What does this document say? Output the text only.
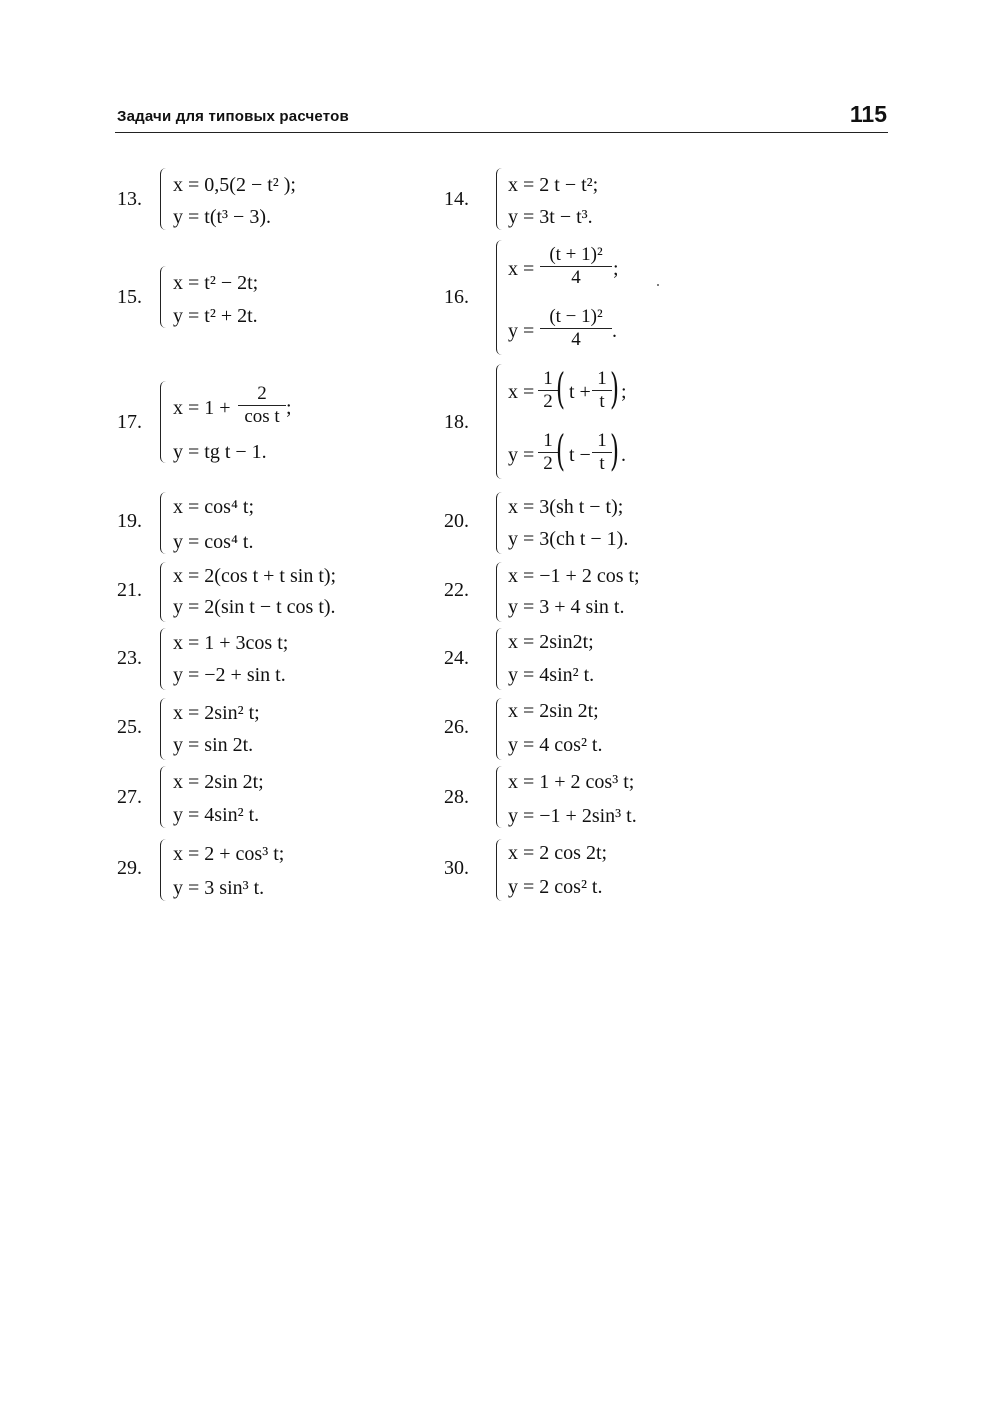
Задачи для типовых расчетов	115
13.
x = 0,5(2 − t² );
y = t(t³ − 3).
14.
x = 2 t − t²;
y = 3t − t³.
15.
x = t² − 2t;
y = t² + 2t.
16.
$x = \frac{\text{(t + 1)²}}{4}$ ;
$y = \frac{\text{(t − 1)²}}{4}$ .
17.
$x = 1 + \frac{2}{\text{cos t}}$ ;
y = tg t − 1.
18.
$x = \frac{1}{2}$
( $t + \frac{1}{t}$
) ;
$y = \frac{1}{2}$
( $t - \frac{1}{t}$
) .
19.
x = cos⁴ t;
y = cos⁴ t.
20.
x = 3(sh t − t);
y = 3(ch t − 1).
21.
x = 2(cos t + t sin t);
y = 2(sin t − t cos t).
22.
x = −1 + 2 cos t;
y = 3 + 4 sin t.
23.
x = 1 + 3cos t;
y = −2 + sin t.
24.
x = 2sin2t;
y = 4sin² t.
25.
x = 2sin² t;
y = sin 2t.
26.
x = 2sin 2t;
y = 4 cos² t.
27.
x = 2sin 2t;
y = 4sin² t.
28.
x = 1 + 2 cos³ t;
y = −1 + 2sin³ t.
29.
x = 2 + cos³ t;
y = 3 sin³ t.
30.
x = 2 cos 2t;
y = 2 cos² t.
